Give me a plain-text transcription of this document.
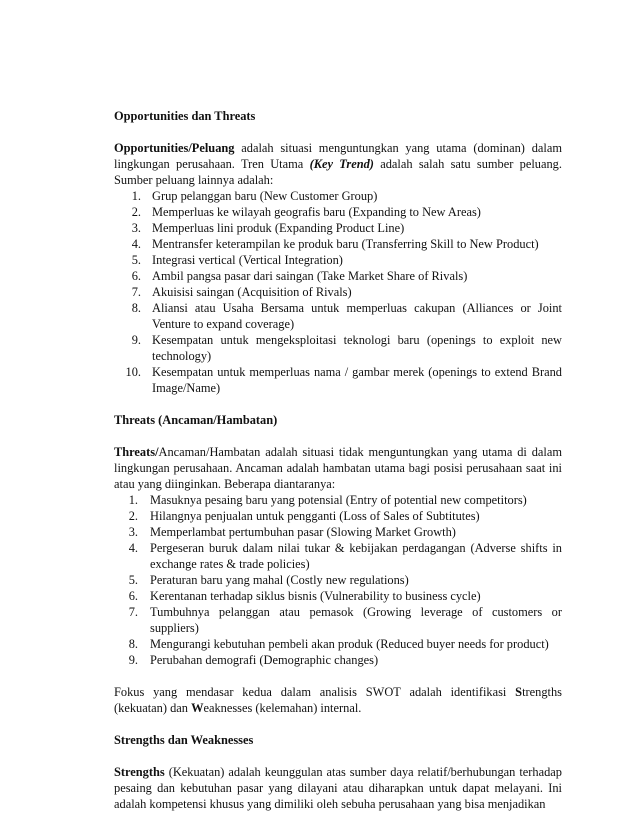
Opportunities dan Threats

Opportunities/Peluang adalah situasi menguntungkan yang utama (dominan) dalam lingkungan perusahaan. Tren Utama (Key Trend) adalah salah satu sumber peluang. Sumber peluang lainnya adalah:

1. Grup pelanggan baru (New Customer Group)
2. Memperluas ke wilayah geografis baru (Expanding to New Areas)
3. Memperluas lini produk (Expanding Product Line)
4. Mentransfer keterampilan ke produk baru (Transferring Skill to New Product)
5. Integrasi vertical (Vertical Integration)
6. Ambil pangsa pasar dari saingan (Take Market Share of Rivals)
7. Akuisisi saingan (Acquisition of Rivals)
8. Aliansi atau Usaha Bersama untuk memperluas cakupan (Alliances or Joint Venture to expand coverage)
9. Kesempatan untuk mengeksploitasi teknologi baru (openings to exploit new technology)
10. Kesempatan untuk memperluas nama / gambar merek (openings to extend Brand Image/Name)

Threats (Ancaman/Hambatan)

Threats/Ancaman/Hambatan adalah situasi tidak menguntungkan yang utama di dalam lingkungan perusahaan. Ancaman adalah hambatan utama bagi posisi perusahaan saat ini atau yang diinginkan. Beberapa diantaranya:

1. Masuknya pesaing baru yang potensial (Entry of potential new competitors)
2. Hilangnya penjualan untuk pengganti (Loss of Sales of Subtitutes)
3. Memperlambat pertumbuhan pasar (Slowing Market Growth)
4. Pergeseran buruk dalam nilai tukar & kebijakan perdagangan (Adverse shifts in exchange rates & trade policies)
5. Peraturan baru yang mahal (Costly new regulations)
6. Kerentanan terhadap siklus bisnis (Vulnerability to business cycle)
7. Tumbuhnya pelanggan atau pemasok (Growing leverage of customers or suppliers)
8. Mengurangi kebutuhan pembeli akan produk (Reduced buyer needs for product)
9. Perubahan demografi (Demographic changes)

Fokus yang mendasar kedua dalam analisis SWOT adalah identifikasi Strengths (kekuatan) dan Weaknesses (kelemahan) internal.

Strengths dan Weaknesses

Strengths (Kekuatan) adalah keunggulan atas sumber daya relatif/berhubungan terhadap pesaing dan kebutuhan pasar yang dilayani atau diharapkan untuk dapat melayani. Ini adalah kompetensi khusus yang dimiliki oleh sebuha perusahaan yang bisa menjadikan
